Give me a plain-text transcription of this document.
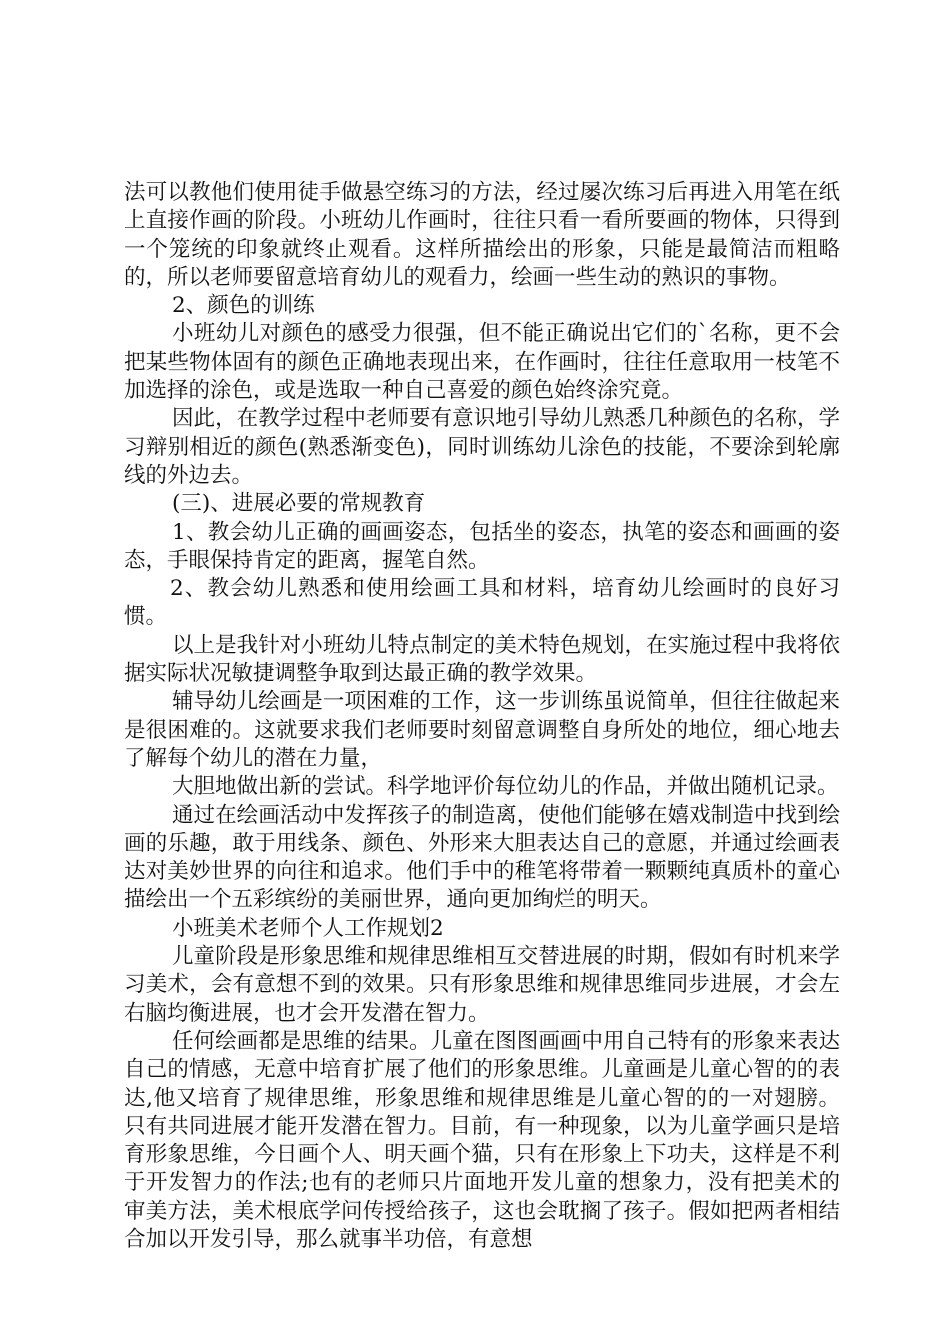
法可以教他们使用徒手做悬空练习的方法，经过屡次练习后再进入用笔在纸上直接作画的阶段。小班幼儿作画时，往往只看一看所要画的物体，只得到一个笼统的印象就终止观看。这样所描绘出的形象，只能是最简洁而粗略的，所以老师要留意培育幼儿的观看力，绘画一些生动的熟识的事物。

2、颜色的训练

小班幼儿对颜色的感受力很强，但不能正确说出它们的`名称，更不会把某些物体固有的颜色正确地表现出来，在作画时，往往任意取用一枝笔不加选择的涂色，或是选取一种自己喜爱的颜色始终涂究竟。

因此，在教学过程中老师要有意识地引导幼儿熟悉几种颜色的名称，学习辩别相近的颜色(熟悉渐变色)，同时训练幼儿涂色的技能，不要涂到轮廓线的外边去。

(三)、进展必要的常规教育

1、教会幼儿正确的画画姿态，包括坐的姿态，执笔的姿态和画画的姿态，手眼保持肯定的距离，握笔自然。

2、教会幼儿熟悉和使用绘画工具和材料，培育幼儿绘画时的良好习惯。

以上是我针对小班幼儿特点制定的美术特色规划，在实施过程中我将依据实际状况敏捷调整争取到达最正确的教学效果。

辅导幼儿绘画是一项困难的工作，这一步训练虽说简单，但往往做起来是很困难的。这就要求我们老师要时刻留意调整自身所处的地位，细心地去了解每个幼儿的潜在力量，

大胆地做出新的尝试。科学地评价每位幼儿的作品，并做出随机记录。

通过在绘画活动中发挥孩子的制造离，使他们能够在嬉戏制造中找到绘画的乐趣，敢于用线条、颜色、外形来大胆表达自己的意愿，并通过绘画表达对美妙世界的向往和追求。他们手中的稚笔将带着一颗颗纯真质朴的童心描绘出一个五彩缤纷的美丽世界，通向更加绚烂的明天。

小班美术老师个人工作规划2

儿童阶段是形象思维和规律思维相互交替进展的时期，假如有时机来学习美术，会有意想不到的效果。只有形象思维和规律思维同步进展，才会左右脑均衡进展，也才会开发潜在智力。

任何绘画都是思维的结果。儿童在图图画画中用自己特有的形象来表达自己的情感，无意中培育扩展了他们的形象思维。儿童画是儿童心智的的表达,他又培育了规律思维，形象思维和规律思维是儿童心智的的一对翅膀。只有共同进展才能开发潜在智力。目前，有一种现象，以为儿童学画只是培育形象思维，今日画个人、明天画个猫，只有在形象上下功夫，这样是不利于开发智力的作法;也有的老师只片面地开发儿童的想象力，没有把美术的审美方法，美术根底学问传授给孩子，这也会耽搁了孩子。假如把两者相结合加以开发引导，那么就事半功倍，有意想
